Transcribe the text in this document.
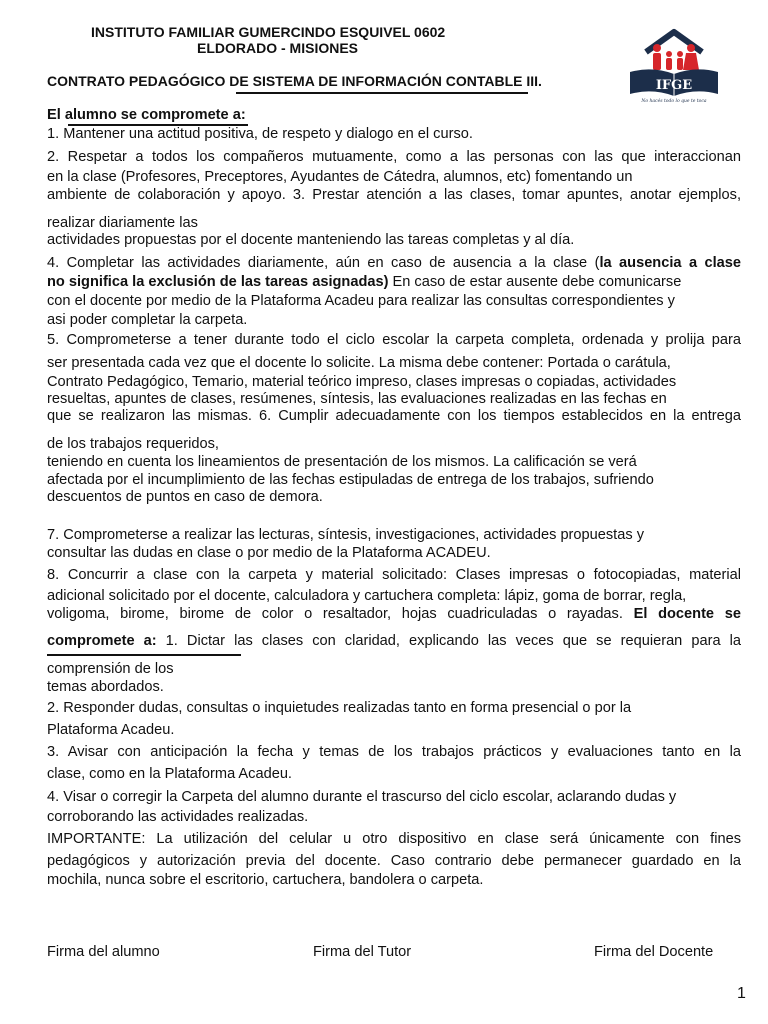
INSTITUTO FAMILIAR GUMERCINDO ESQUIVEL 0602
ELDORADO - MISIONES
CONTRATO PEDAGÓGICO DE SISTEMA DE INFORMACIÓN CONTABLE III.	IFGE
No hacés todo lo que te toca
El alumno se compromete a:
1. Mantener una actitud positiva, de respeto y dialogo en el curso.
2. Respetar a todos los compañeros mutuamente, como a las personas con las que interaccionan
en la clase (Profesores, Preceptores, Ayudantes de Cátedra, alumnos, etc) fomentando un
ambiente de colaboración y apoyo. 3. Prestar atención a las clases, tomar apuntes, anotar ejemplos,
realizar diariamente las
actividades propuestas por el docente manteniendo las tareas completas y al día.
4. Completar las actividades diariamente, aún en caso de ausencia a la clase (la ausencia a clase
no significa la exclusión de las tareas asignadas) En caso de estar ausente debe comunicarse
con el docente por medio de la Plataforma Acadeu para realizar las consultas correspondientes y
asi poder completar la carpeta.
5. Comprometerse a tener durante todo el ciclo escolar la carpeta completa, ordenada y prolija para
ser presentada cada vez que el docente lo solicite. La misma debe contener: Portada o carátula,
Contrato Pedagógico, Temario, material teórico impreso, clases impresas o copiadas, actividades
resueltas, apuntes de clases, resúmenes, síntesis, las evaluaciones realizadas en las fechas en
que se realizaron las mismas. 6. Cumplir adecuadamente con los tiempos establecidos en la entrega
de los trabajos requeridos,
teniendo en cuenta los lineamientos de presentación de los mismos. La calificación se verá
afectada por el incumplimiento de las fechas estipuladas de entrega de los trabajos, sufriendo
descuentos de puntos en caso de demora.
7. Comprometerse a realizar las lecturas, síntesis, investigaciones, actividades propuestas y
consultar las dudas en clase o por medio de la Plataforma ACADEU.
8. Concurrir a clase con la carpeta y material solicitado: Clases impresas o fotocopiadas, material
adicional solicitado por el docente, calculadora y cartuchera completa: lápiz, goma de borrar, regla,
voligoma, birome, birome de color o resaltador, hojas cuadriculadas o rayadas. El docente se
compromete a: 1. Dictar las clases con claridad, explicando las veces que se requieran para la
comprensión de los
temas abordados.
2. Responder dudas, consultas o inquietudes realizadas tanto en forma presencial o por la
Plataforma Acadeu.
3. Avisar con anticipación la fecha y temas de los trabajos prácticos y evaluaciones tanto en la
clase, como en la Plataforma Acadeu.
4. Visar o corregir la Carpeta del alumno durante el trascurso del ciclo escolar, aclarando dudas y
corroborando las actividades realizadas.
IMPORTANTE: La utilización del celular u otro dispositivo en clase será únicamente con fines
pedagógicos y autorización previa del docente. Caso contrario debe permanecer guardado en la
mochila, nunca sobre el escritorio, cartuchera, bandolera o carpeta.
Firma del alumno	Firma del Tutor	Firma del Docente
1
